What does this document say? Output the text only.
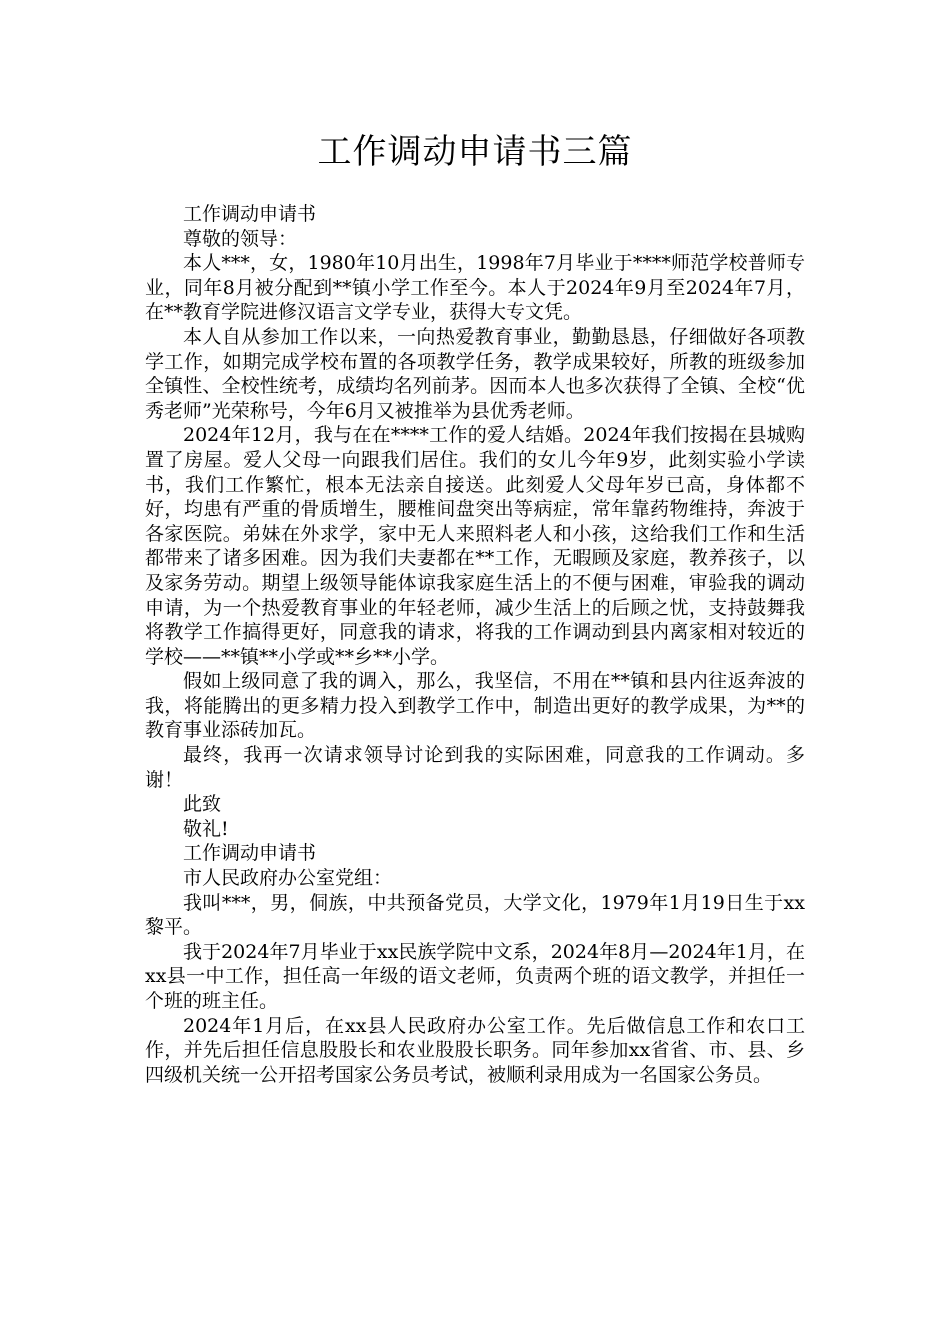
工作调动申请书三篇

工作调动申请书

尊敬的领导：

本人***，女，1980年10月出生，1998年7月毕业于****师范学校普师专业，同年8月被分配到**镇小学工作至今。本人于2024年9月至2024年7月，在**教育学院进修汉语言文学专业，获得大专文凭。

本人自从参加工作以来，一向热爱教育事业，勤勤恳恳，仔细做好各项教学工作，如期完成学校布置的各项教学任务，教学成果较好，所教的班级参加全镇性、全校性统考，成绩均名列前茅。因而本人也多次获得了全镇、全校“优秀老师”光荣称号，今年6月又被推举为县优秀老师。

2024年12月，我与在在****工作的爱人结婚。2024年我们按揭在县城购置了房屋。爱人父母一向跟我们居住。我们的女儿今年9岁，此刻实验小学读书，我们工作繁忙，根本无法亲自接送。此刻爱人父母年岁已高，身体都不好，均患有严重的骨质增生，腰椎间盘突出等病症，常年靠药物维持，奔波于各家医院。弟妹在外求学，家中无人来照料老人和小孩，这给我们工作和生活都带来了诸多困难。因为我们夫妻都在**工作，无暇顾及家庭，教养孩子，以及家务劳动。期望上级领导能体谅我家庭生活上的不便与困难，审验我的调动申请，为一个热爱教育事业的年轻老师，减少生活上的后顾之忧，支持鼓舞我将教学工作搞得更好，同意我的请求，将我的工作调动到县内离家相对较近的学校——**镇**小学或**乡**小学。

假如上级同意了我的调入，那么，我坚信，不用在**镇和县内往返奔波的我，将能腾出的更多精力投入到教学工作中，制造出更好的教学成果，为**的教育事业添砖加瓦。

最终，我再一次请求领导讨论到我的实际困难，同意我的工作调动。多谢！

此致

敬礼!

工作调动申请书

市人民政府办公室党组：

我叫***，男，侗族，中共预备党员，大学文化，1979年1月19日生于xx黎平。

我于2024年7月毕业于xx民族学院中文系，2024年8月—2024年1月，在xx县一中工作，担任高一年级的语文老师，负责两个班的语文教学，并担任一个班的班主任。

2024年1月后，在xx县人民政府办公室工作。先后做信息工作和农口工作，并先后担任信息股股长和农业股股长职务。同年参加xx省省、市、县、乡四级机关统一公开招考国家公务员考试，被顺利录用成为一名国家公务员。
